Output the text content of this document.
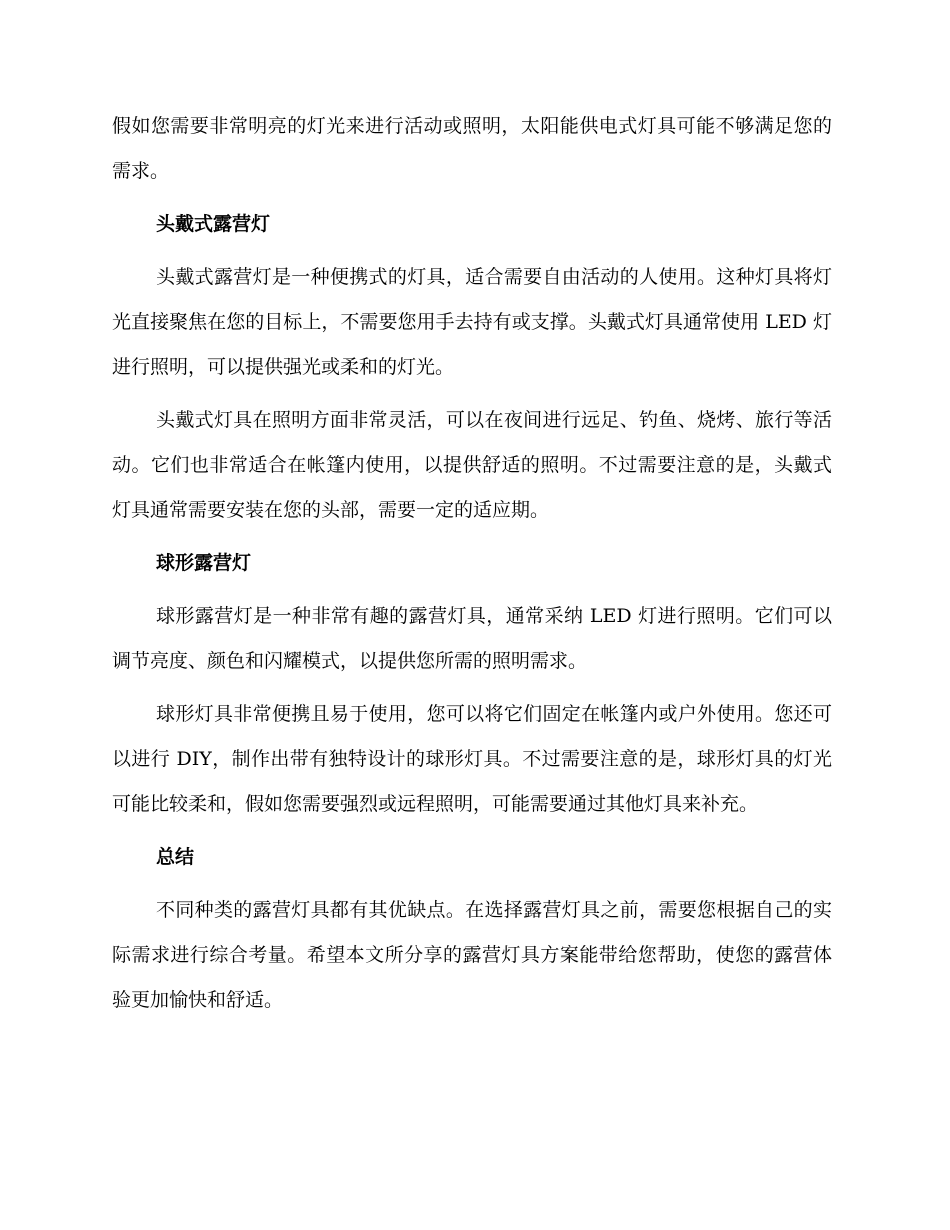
假如您需要非常明亮的灯光来进行活动或照明，太阳能供电式灯具可能不够满足您的需求。

头戴式露营灯

头戴式露营灯是一种便携式的灯具，适合需要自由活动的人使用。这种灯具将灯光直接聚焦在您的目标上，不需要您用手去持有或支撑。头戴式灯具通常使用 LED 灯进行照明，可以提供强光或柔和的灯光。

头戴式灯具在照明方面非常灵活，可以在夜间进行远足、钓鱼、烧烤、旅行等活动。它们也非常适合在帐篷内使用，以提供舒适的照明。不过需要注意的是，头戴式灯具通常需要安装在您的头部，需要一定的适应期。

球形露营灯

球形露营灯是一种非常有趣的露营灯具，通常采纳 LED 灯进行照明。它们可以调节亮度、颜色和闪耀模式，以提供您所需的照明需求。

球形灯具非常便携且易于使用，您可以将它们固定在帐篷内或户外使用。您还可以进行 DIY，制作出带有独特设计的球形灯具。不过需要注意的是，球形灯具的灯光可能比较柔和，假如您需要强烈或远程照明，可能需要通过其他灯具来补充。

总结

不同种类的露营灯具都有其优缺点。在选择露营灯具之前，需要您根据自己的实际需求进行综合考量。希望本文所分享的露营灯具方案能带给您帮助，使您的露营体验更加愉快和舒适。
